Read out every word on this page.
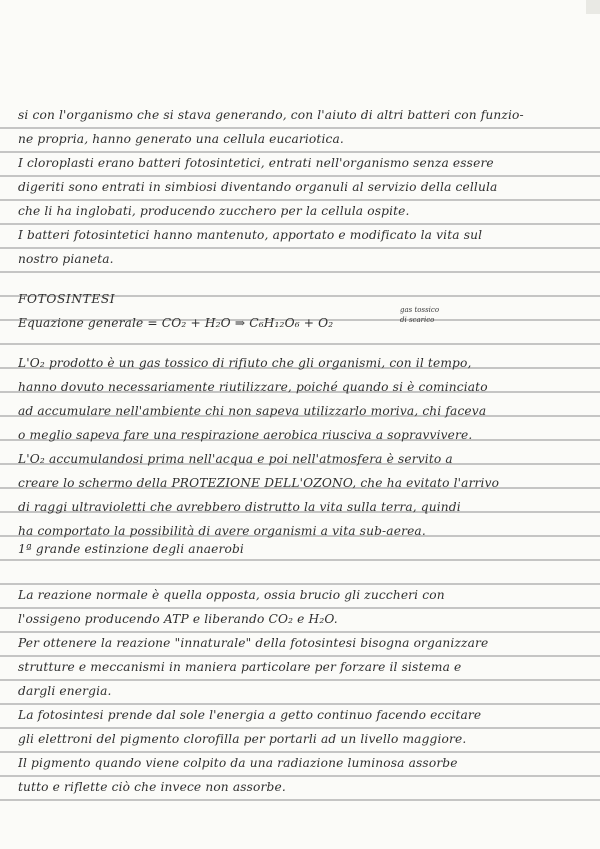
si con l'organismo che si stava generando, con l'aiuto di altri batteri con funzio-
ne propria, hanno generato una cellula eucariotica.
I cloroplasti erano batteri fotosintetici, entrati nell'organismo senza essere
digeriti sono entrati in simbiosi diventando organuli al servizio della cellula
che li ha inglobati, producendo zucchero per la cellula ospite.
I batteri fotosintetici hanno mantenuto, apportato e modificato la vita sul
nostro pianeta.
FOTOSINTESI
Equazione generale = CO₂ + H₂O ⇒ C₆H₁₂O₆ + O₂
gas tossico
di scarico
L'O₂ prodotto è un gas tossico di rifiuto che gli organismi, con il tempo,
hanno dovuto necessariamente riutilizzare, poiché quando si è cominciato
ad accumulare nell'ambiente chi non sapeva utilizzarlo moriva, chi faceva
o meglio sapeva fare una respirazione aerobica riusciva a sopravvivere.
L'O₂ accumulandosi prima nell'acqua e poi nell'atmosfera è servito a
creare lo schermo della PROTEZIONE DELL'OZONO, che ha evitato l'arrivo
di raggi ultravioletti che avrebbero distrutto la vita sulla terra, quindi
ha comportato la possibilità di avere organismi a vita sub-aerea.
1ª grande estinzione degli anaerobi
La reazione normale è quella opposta, ossia brucio gli zuccheri con
l'ossigeno producendo ATP e liberando CO₂ e H₂O.
Per ottenere la reazione "innaturale" della fotosintesi bisogna organizzare
strutture e meccanismi in maniera particolare per forzare il sistema e
dargli energia.
La fotosintesi prende dal sole l'energia a getto continuo facendo eccitare
gli elettroni del pigmento clorofilla per portarli ad un livello maggiore.
Il pigmento quando viene colpito da una radiazione luminosa assorbe
tutto e riflette ciò che invece non assorbe.
